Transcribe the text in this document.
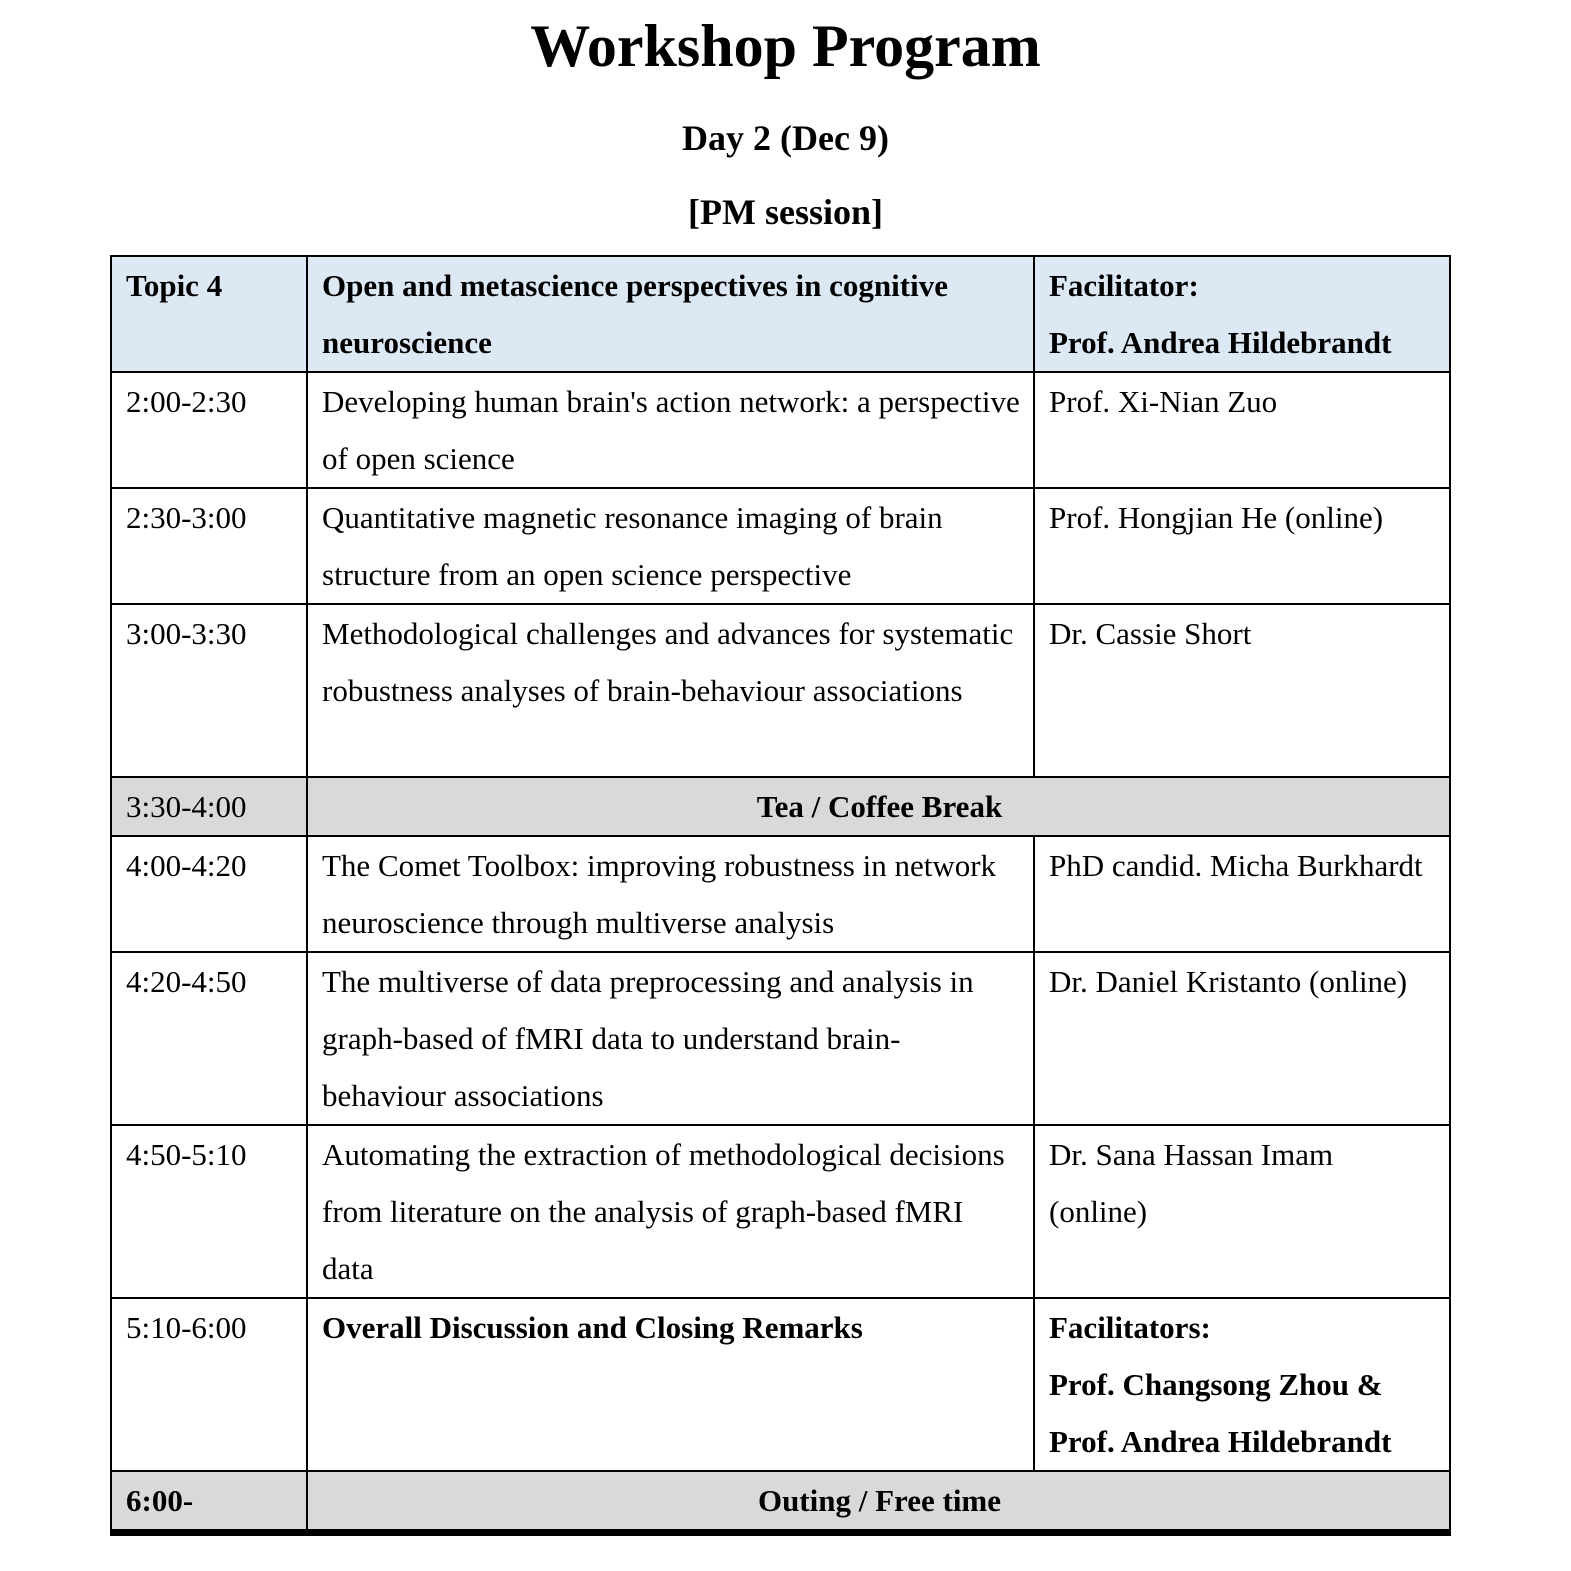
Workshop Program
Day 2 (Dec 9)
[PM session]
Topic 4	Open and metascience perspectives in cognitive neuroscience	Facilitator:
Prof. Andrea Hildebrandt

2:00-2:30	Developing human brain's action network: a perspective of open science	Prof. Xi-Nian Zuo
2:30-3:00	Quantitative magnetic resonance imaging of brain structure from an open science perspective	Prof. Hongjian He (online)
3:00-3:30	Methodological challenges and advances for systematic robustness analyses of brain-behaviour associations	Dr. Cassie Short
3:30-4:00	Tea / Coffee Break	
4:00-4:20	The Comet Toolbox: improving robustness in network neuroscience through multiverse analysis	PhD candid. Micha Burkhardt
4:20-4:50	The multiverse of data preprocessing and analysis in graph-based of fMRI data to understand brain-behaviour associations	Dr. Daniel Kristanto (online)
4:50-5:10	Automating the extraction of methodological decisions from literature on the analysis of graph-based fMRI data	Dr. Sana Hassan Imam (online)
5:10-6:00	Overall Discussion and Closing Remarks	Facilitators:
Prof. Changsong Zhou &
Prof. Andrea Hildebrandt

6:00-	Outing / Free time	
